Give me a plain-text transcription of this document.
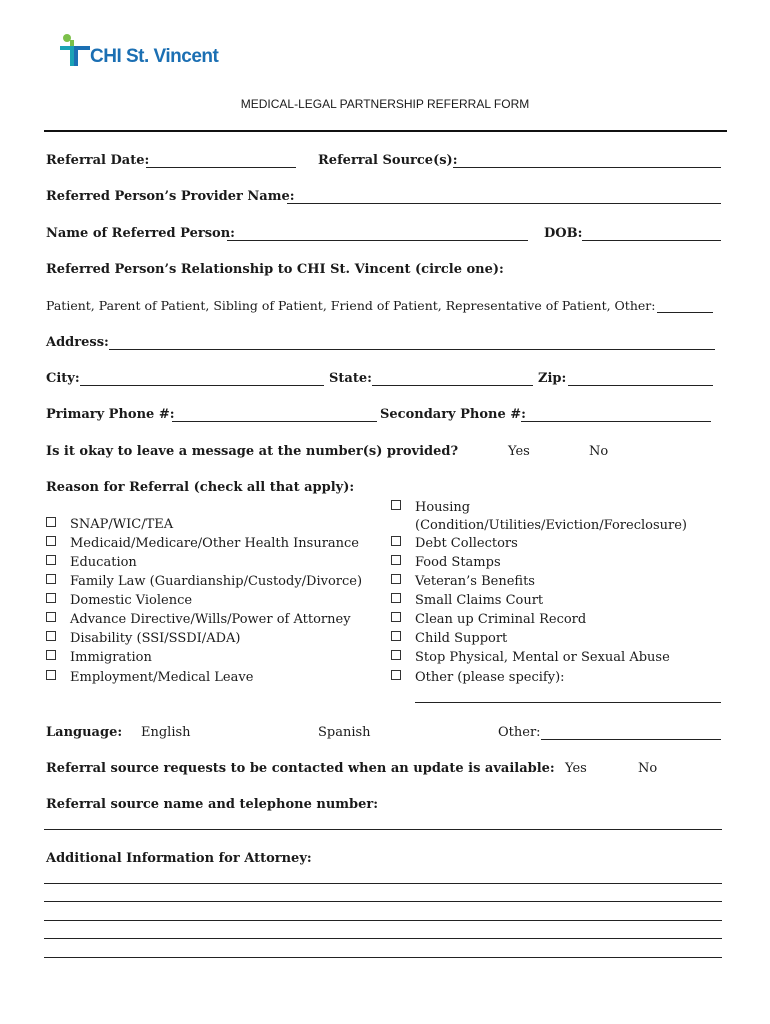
CHI St. Vincent
MEDICAL-LEGAL PARTNERSHIP REFERRAL FORM
Referral Date:	Referral Source(s):
Referred Person’s Provider Name:
Name of Referred Person:	DOB:
Referred Person’s Relationship to CHI St. Vincent (circle one):
Patient, Parent of Patient, Sibling of Patient, Friend of Patient, Representative of Patient, Other:
Address:
City:	State:	Zip:
Primary Phone #:	Secondary Phone #:
Is it okay to leave a message at the number(s) provided?	Yes	No
Reason for Referral (check all that apply):
SNAP/WIC/TEA
Medicaid/Medicare/Other Health Insurance
Education
Family Law (Guardianship/Custody/Divorce)
Domestic Violence
Advance Directive/Wills/Power of Attorney
Disability (SSI/SSDI/ADA)
Immigration
Employment/Medical Leave
Housing
(Condition/Utilities/Eviction/Foreclosure)
Debt Collectors
Food Stamps
Veteran’s Benefits
Small Claims Court
Clean up Criminal Record
Child Support
Stop Physical, Mental or Sexual Abuse
Other (please specify):
Language: English	Spanish	Other:
Referral source requests to be contacted when an update is available: Yes	No
Referral source name and telephone number:
Additional Information for Attorney:
